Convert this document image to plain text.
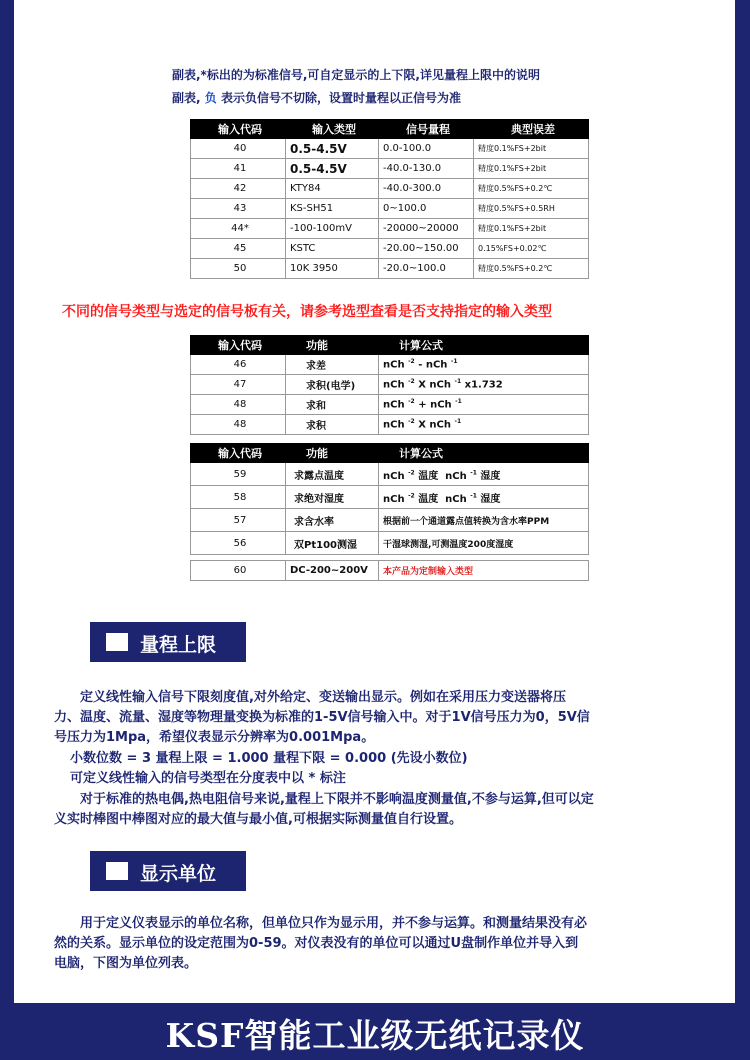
副表,*标出的为标准信号,可自定显示的上下限,详见量程上限中的说明
副表, 负 表示负信号不切除，设置时量程以正信号为准
输入代码	输入类型	信号量程	典型误差
40	0.5-4.5V	0.0-100.0	精度0.1%FS+2bit
41	0.5-4.5V	-40.0-130.0	精度0.1%FS+2bit
42	KTY84	-40.0-300.0	精度0.5%FS+0.2℃
43	KS-SH51	0~100.0	精度0.5%FS+0.5RH
44*	-100-100mV	-20000~20000	精度0.1%FS+2bit
45	KSTC	-20.00~150.00	0.15%FS+0.02℃
50	10K 3950	-20.0~100.0	精度0.5%FS+0.2℃
不同的信号类型与选定的信号板有关，请参考选型查看是否支持指定的输入类型
输入代码	功能	计算公式
46	求差	nCh $^{-2}$ - nCh $^{-1}$
47	求积(电学)	nCh $^{-2}$ X nCh $^{-1}$ x1.732
48	求和	nCh $^{-2}$ + nCh $^{-1}$
48	求积	nCh $^{-2}$ X nCh $^{-1}$
输入代码	功能	计算公式
59	求露点温度	nCh $^{-2}$ 温度  nCh $^{-1}$ 湿度
58	求绝对湿度	nCh $^{-2}$ 温度  nCh $^{-1}$ 湿度
57	求含水率	根据前一个通道露点值转换为含水率PPM
56	双Pt100测湿	干湿球测湿,可测温度200度湿度
60	DC-200~200V	本产品为定制输入类型
量程上限
定义线性输入信号下限刻度值,对外给定、变送输出显示。例如在采用压力变送器将压
力、温度、流量、湿度等物理量变换为标准的1-5V信号输入中。对于1V信号压力为0，5V信
号压力为1Mpa，希望仪表显示分辨率为0.001Mpa。
小数位数 = 3 量程上限 = 1.000 量程下限 = 0.000 (先设小数位)
可定义线性输入的信号类型在分度表中以 * 标注
对于标准的热电偶,热电阻信号来说,量程上下限并不影响温度测量值,不参与运算,但可以定
义实时棒图中棒图对应的最大值与最小值,可根据实际测量值自行设置。
显示单位
用于定义仪表显示的单位名称，但单位只作为显示用，并不参与运算。和测量结果没有必
然的关系。显示单位的设定范围为0-59。对仪表没有的单位可以通过U盘制作单位并导入到
电脑，下图为单位列表。
KSF智能工业级无纸记录仪
